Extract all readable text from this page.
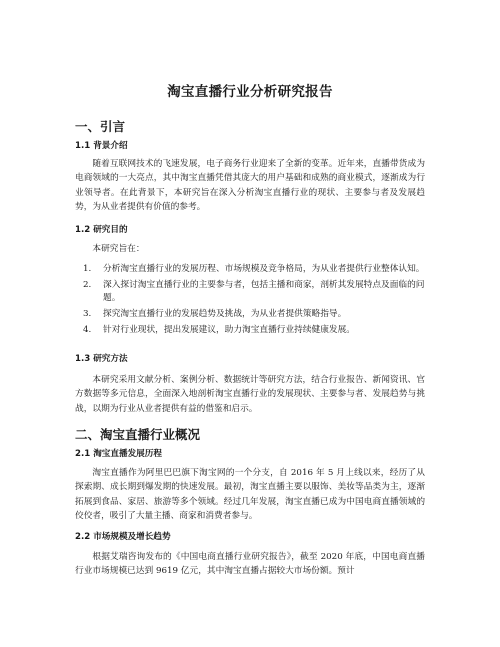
淘宝直播行业分析研究报告
一、引言
1.1 背景介绍

随着互联网技术的飞速发展，电子商务行业迎来了全新的变革。近年来，直播带货成为电商领域的一大亮点，其中淘宝直播凭借其庞大的用户基础和成熟的商业模式，逐渐成为行业领导者。在此背景下，本研究旨在深入分析淘宝直播行业的现状、主要参与者及发展趋势，为从业者提供有价值的参考。

1.2 研究目的

本研究旨在：

1. 分析淘宝直播行业的发展历程、市场规模及竞争格局，为从业者提供行业整体认知。
2. 深入探讨淘宝直播行业的主要参与者，包括主播和商家，剖析其发展特点及面临的问题。
3. 探究淘宝直播行业的发展趋势及挑战，为从业者提供策略指导。
4. 针对行业现状，提出发展建议，助力淘宝直播行业持续健康发展。
1.3 研究方法

本研究采用文献分析、案例分析、数据统计等研究方法，结合行业报告、新闻资讯、官方数据等多元信息，全面深入地剖析淘宝直播行业的发展现状、主要参与者、发展趋势与挑战，以期为行业从业者提供有益的借鉴和启示。

二、淘宝直播行业概况
2.1 淘宝直播发展历程

淘宝直播作为阿里巴巴旗下淘宝网的一个分支，自 2016 年 5 月上线以来，经历了从探索期、成长期到爆发期的快速发展。最初，淘宝直播主要以服饰、美妆等品类为主，逐渐拓展到食品、家居、旅游等多个领域。经过几年发展，淘宝直播已成为中国电商直播领域的佼佼者，吸引了大量主播、商家和消费者参与。

2.2 市场规模及增长趋势

根据艾瑞咨询发布的《中国电商直播行业研究报告》，截至 2020 年底，中国电商直播行业市场规模已达到 9619 亿元，其中淘宝直播占据较大市场份额。预计
